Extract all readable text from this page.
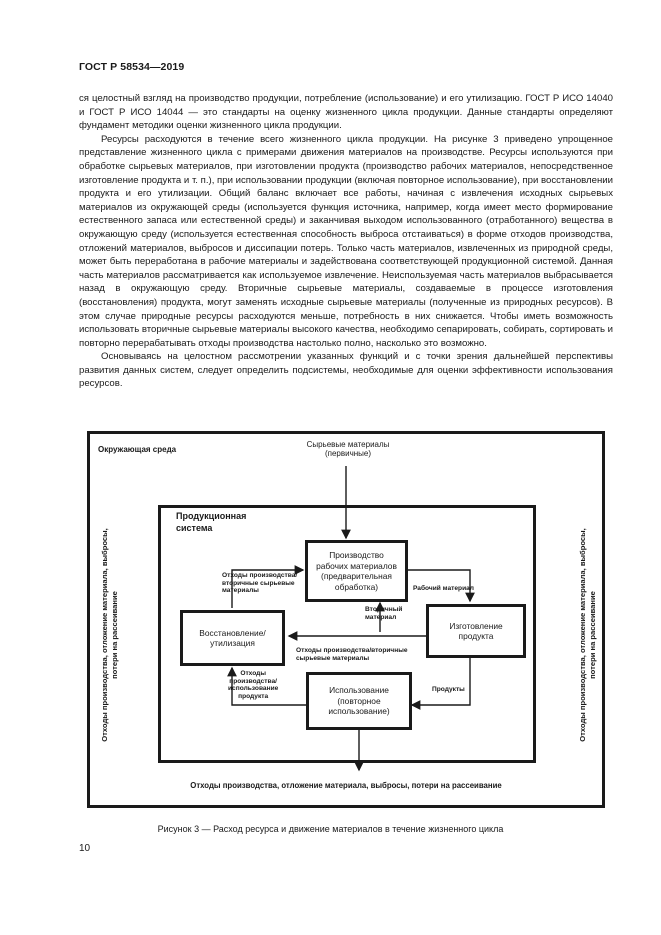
ГОСТ Р 58534—2019

ся целостный взгляд на производство продукции, потребление (использование) и его утилизацию. ГОСТ Р ИСО 14040 и ГОСТ Р ИСО 14044 — это стандарты на оценку жизненного цикла продукции. Данные стандарты определяют фундамент методики оценки жизненного цикла продукции.

Ресурсы расходуются в течение всего жизненного цикла продукции. На рисунке 3 приведено упрощенное представление жизненного цикла с примерами движения материалов на производстве. Ресурсы используются при обработке сырьевых материалов, при изготовлении продукта (производство рабочих материалов, непосредственное изготовление продукта и т. п.), при использовании продукции (включая повторное использование), при восстановлении продукта и его утилизации. Общий баланс включает все работы, начиная с извлечения исходных сырьевых материалов из окружающей среды (используется функция источника, например, когда имеет место формирование естественного запаса или естественной среды) и заканчивая выходом использованного (отработанного) вещества в окружающую среду (используется естественная способность выброса отстаиваться) в форме отходов производства, отложений материалов, выбросов и диссипации потерь. Только часть материалов, извлеченных из природной среды, может быть переработана в рабочие материалы и задействована соответствующей продукционной системой. Данная часть материалов рассматривается как используемое извлечение. Неиспользуемая часть материалов выбрасывается назад в окружающую среду. Вторичные сырьевые материалы, создаваемые в процессе изготовления (восстановления) продукта, могут заменять исходные сырьевые материалы (полученные из природных ресурсов). В этом случае природные ресурсы расходуются меньше, потребность в них снижается. Чтобы иметь возможность использовать вторичные сырьевые материалы высокого качества, необходимо сепарировать, собирать, сортировать и повторно перерабатывать отходы производства настолько полно, насколько это возможно.

Основываясь на целостном рассмотрении указанных функций и с точки зрения дальнейшей перспективы развития данных систем, следует определить подсистемы, необходимые для оценки эффективности использования ресурсов.

Окружающая среда
Сырьевые материалы
(первичные)
Продукционная
система
Производство
рабочих материалов
(предварительная
обработка)
Изготовление
продукта
Использование
(повторное
использование)
Восстановление/
утилизация
Рабочий материал
Вторичный
материал
Отходы производства/вторичные
сырьевые материалы
Отходы производства/
вторичные сырьевые
материалы
Отходы
производства/
использование
продукта
Продукты
Отходы производства, отложение материала, выбросы,
потери на рассеивание
Отходы производства, отложение материала, выбросы,
потери на рассеивание
Отходы производства, отложение материала, выбросы, потери на рассеивание
Рисунок 3 — Расход ресурса и движение материалов в течение жизненного цикла
10
